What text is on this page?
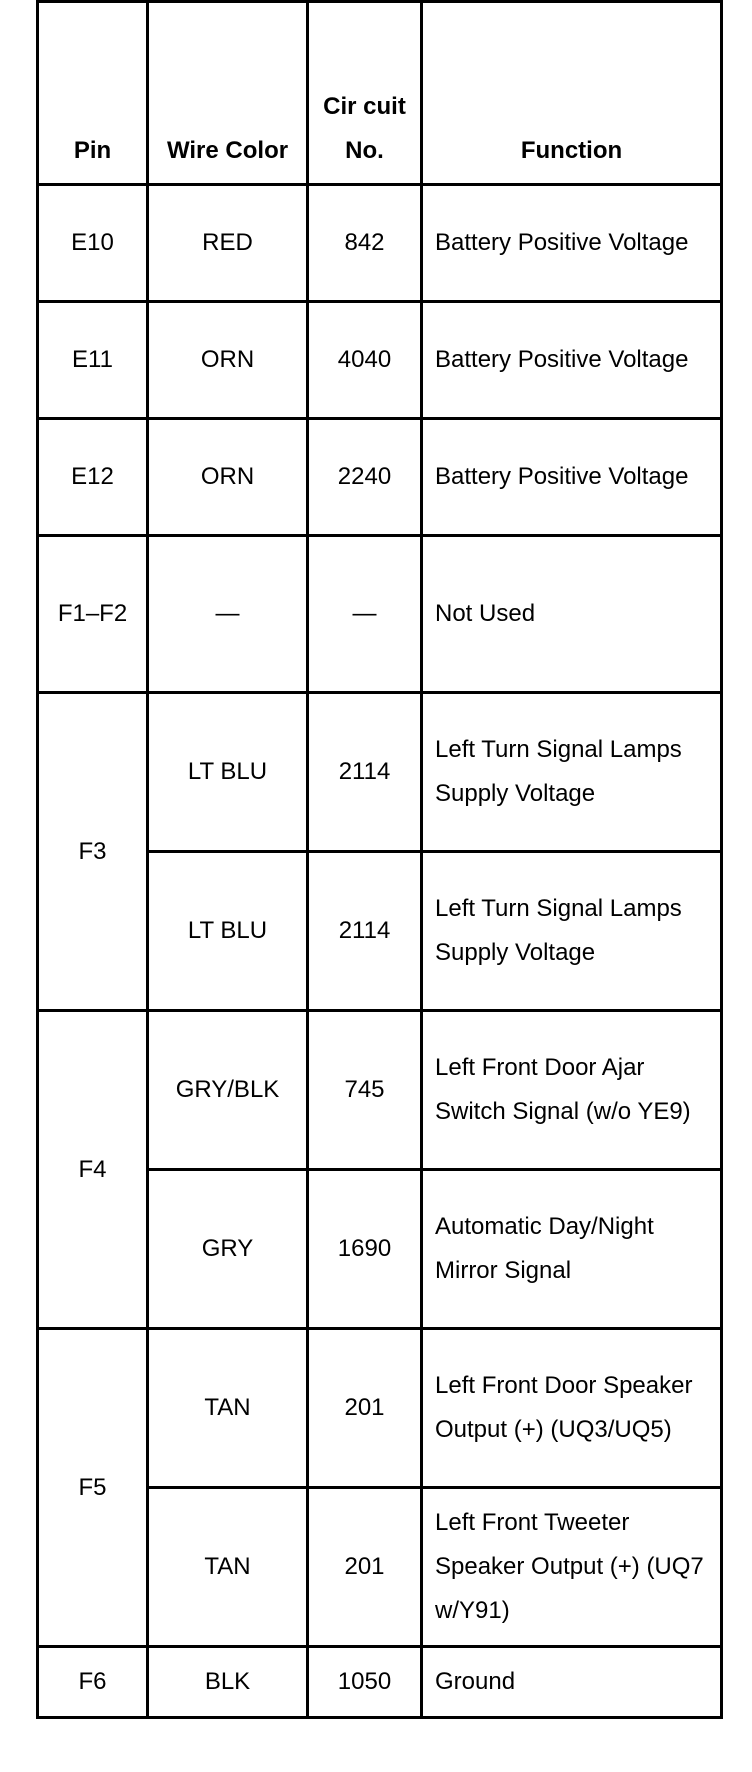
Pin	Wire Color	Cir cuit No.	Function
E10	RED	842	Battery Positive Voltage
E11	ORN	4040	Battery Positive Voltage
E12	ORN	2240	Battery Positive Voltage
F1–F2	—	—	Not Used
F3	LT BLU	2114	Left Turn Signal Lamps Supply Voltage
	LT BLU	2114	Left Turn Signal Lamps Supply Voltage
F4	GRY/BLK	745	Left Front Door Ajar Switch Signal (w/o YE9)
	GRY	1690	Automatic Day/Night Mirror Signal
F5	TAN	201	Left Front Door Speaker Output (+) (UQ3/UQ5)
	TAN	201	Left Front Tweeter Speaker Output (+) (UQ7 w/Y91)
F6	BLK	1050	Ground
